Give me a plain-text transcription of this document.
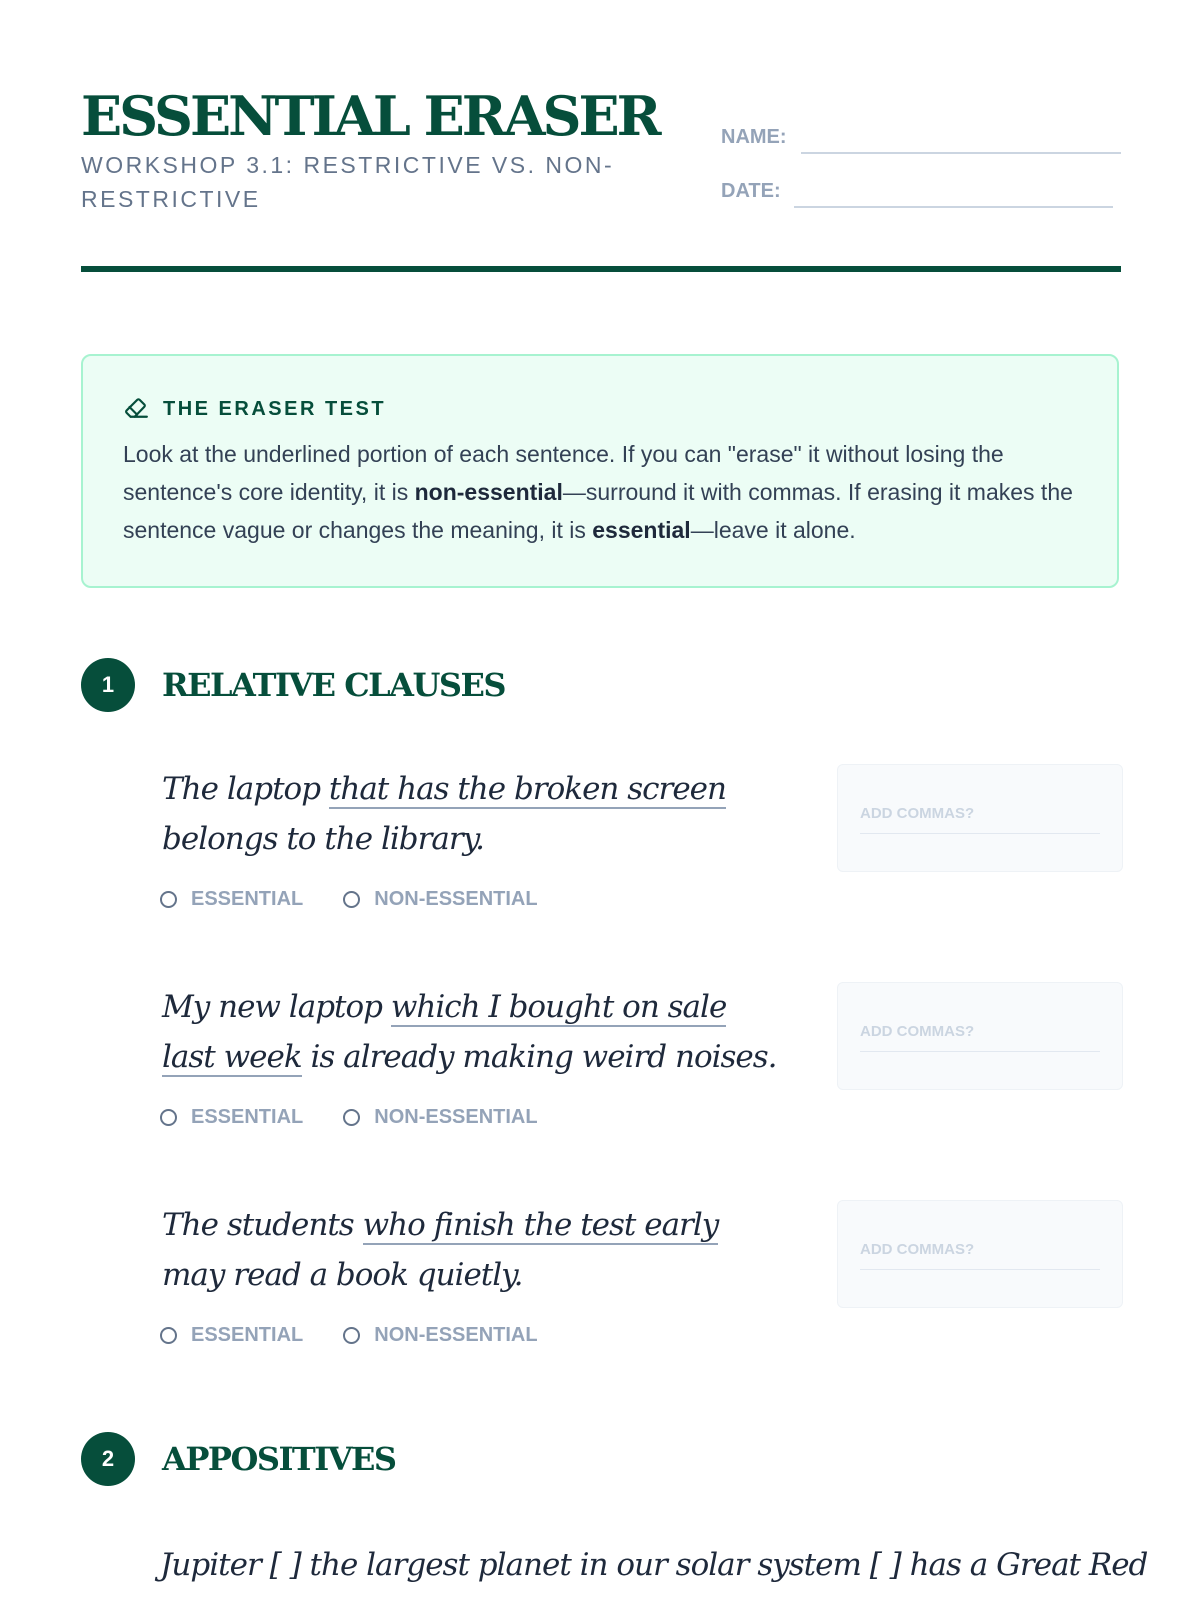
ESSENTIAL ERASER
WORKSHOP 3.1: RESTRICTIVE VS. NON-RESTRICTIVE
NAME:
DATE:
THE ERASER TEST
Look at the underlined portion of each sentence. If you can "erase" it without losing the sentence's core identity, it is non-essential—surround it with commas. If erasing it makes the sentence vague or changes the meaning, it is essential—leave it alone.
1	RELATIVE CLAUSES
The laptop that has the broken screen belongs to the library.
ESSENTIAL	NON-ESSENTIAL
ADD COMMAS?
My new laptop which I bought on sale last week is already making weird noises.
ESSENTIAL	NON-ESSENTIAL
ADD COMMAS?
The students who finish the test early may read a book quietly.
ESSENTIAL	NON-ESSENTIAL
ADD COMMAS?
2	APPOSITIVES
Jupiter [ ] the largest planet in our solar system [ ] has a Great Red
